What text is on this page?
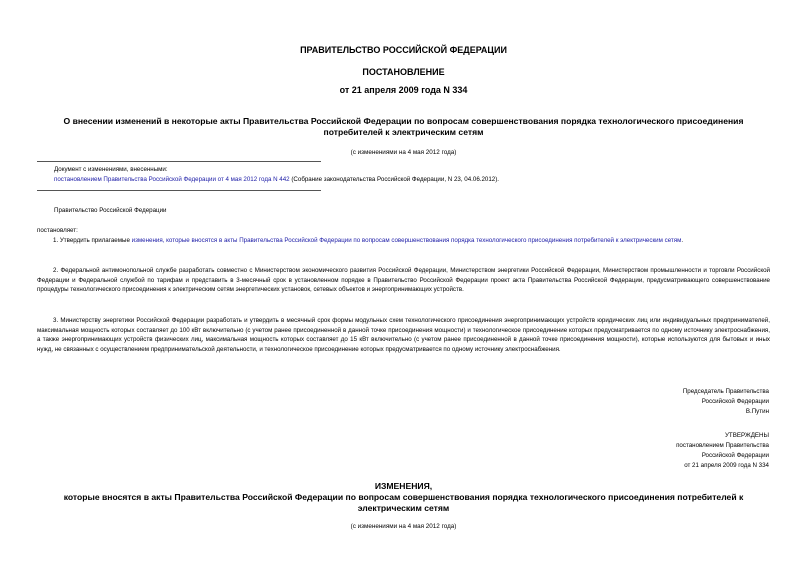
ПРАВИТЕЛЬСТВО РОССИЙСКОЙ ФЕДЕРАЦИИ
ПОСТАНОВЛЕНИЕ
от 21 апреля 2009 года N 334
О внесении изменений в некоторые акты Правительства Российской Федерации по вопросам совершенствования порядка технологического присоединения
потребителей к электрическим сетям
(с изменениями на 4 мая 2012 года)
Документ с изменениями, внесенными:
постановлением Правительства Российской Федерации от 4 мая 2012 года N 442 (Собрание законодательства Российской Федерации, N 23, 04.06.2012).
Правительство Российской Федерации
постановляет:
1. Утвердить прилагаемые изменения, которые вносятся в акты Правительства Российской Федерации по вопросам совершенствования порядка технологического присоединения потребителей к электрическим сетям.
2. Федеральной антимонопольной службе разработать совместно с Министерством экономического развития Российской Федерации, Министерством энергетики Российской Федерации, Министерством промышленности и торговли Российской Федерации и Федеральной службой по тарифам и представить в 3-месячный срок в установленном порядке в Правительство Российской Федерации проект акта Правительства Российской Федерации, предусматривающего совершенствование процедуры технологического присоединения к электрическим сетям энергетических установок, сетевых объектов и энергопринимающих устройств.
3. Министерству энергетики Российской Федерации разработать и утвердить в месячный срок формы модульных схем технологического присоединения энергопринимающих устройств юридических лиц или индивидуальных предпринимателей, максимальная мощность которых составляет до 100 кВт включительно (с учетом ранее присоединенной в данной точке присоединения мощности) и технологическое присоединение которых предусматривается по одному источнику электроснабжения, а также энергопринимающих устройств физических лиц, максимальная мощность которых составляет до 15 кВт включительно (с учетом ранее присоединенной в данной точке присоединения мощности), которые используются для бытовых и иных нужд, не связанных с осуществлением предпринимательской деятельности, и технологическое присоединение которых предусматривается по одному источнику электроснабжения.
Председатель Правительства
Российской Федерации
В.Путин
УТВЕРЖДЕНЫ
постановлением Правительства
Российской Федерации
от 21 апреля 2009 года N 334
ИЗМЕНЕНИЯ,
которые вносятся в акты Правительства Российской Федерации по вопросам совершенствования порядка технологического присоединения потребителей к
электрическим сетям
(с изменениями на 4 мая 2012 года)
